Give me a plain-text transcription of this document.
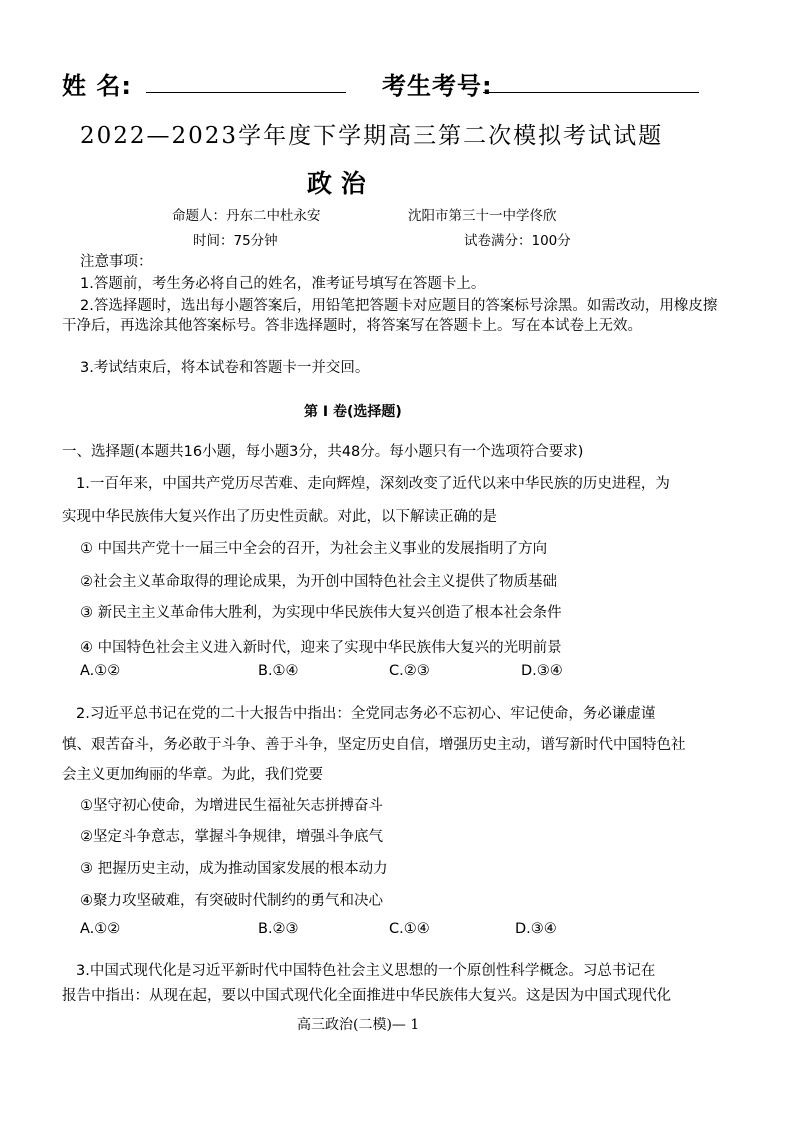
姓 名:	考生考号:
2022—2023学年度下学期高三第二次模拟考试试题
政 治
命题人：丹东二中杜永安	沈阳市第三十一中学佟欣
时间：75分钟	试卷满分：100分
注意事项：
1.答题前，考生务必将自己的姓名，准考证号填写在答题卡上。
2.答选择题时，选出每小题答案后，用铅笔把答题卡对应题目的答案标号涂黑。如需改动，用橡皮擦干净后，再选涂其他答案标号。答非选择题时，将答案写在答题卡上。写在本试卷上无效。
3.考试结束后，将本试卷和答题卡一并交回。
第 I 卷(选择题)
一、选择题(本题共16小题，每小题3分，共48分。每小题只有一个选项符合要求)
1.一百年来，中国共产党历尽苦难、走向辉煌，深刻改变了近代以来中华民族的历史进程，为
实现中华民族伟大复兴作出了历史性贡献。对此，以下解读正确的是
① 中国共产党十一届三中全会的召开，为社会主义事业的发展指明了方向
②社会主义革命取得的理论成果，为开创中国特色社会主义提供了物质基础
③ 新民主主义革命伟大胜利，为实现中华民族伟大复兴创造了根本社会条件
④ 中国特色社会主义进入新时代，迎来了实现中华民族伟大复兴的光明前景
A.①②	B.①④	C.②③	D.③④
2.习近平总书记在党的二十大报告中指出：全党同志务必不忘初心、牢记使命，务必谦虚谨
慎、艰苦奋斗，务必敢于斗争、善于斗争，坚定历史自信，增强历史主动，谱写新时代中国特色社
会主义更加绚丽的华章。为此，我们党要
①坚守初心使命，为增进民生福祉矢志拼搏奋斗
②坚定斗争意志，掌握斗争规律，增强斗争底气
③ 把握历史主动，成为推动国家发展的根本动力
④聚力攻坚破难，有突破时代制约的勇气和决心
A.①②	B.②③	C.①④	D.③④
3.中国式现代化是习近平新时代中国特色社会主义思想的一个原创性科学概念。习总书记在
报告中指出：从现在起，要以中国式现代化全面推进中华民族伟大复兴。这是因为中国式现代化
高三政治(二模)— 1
